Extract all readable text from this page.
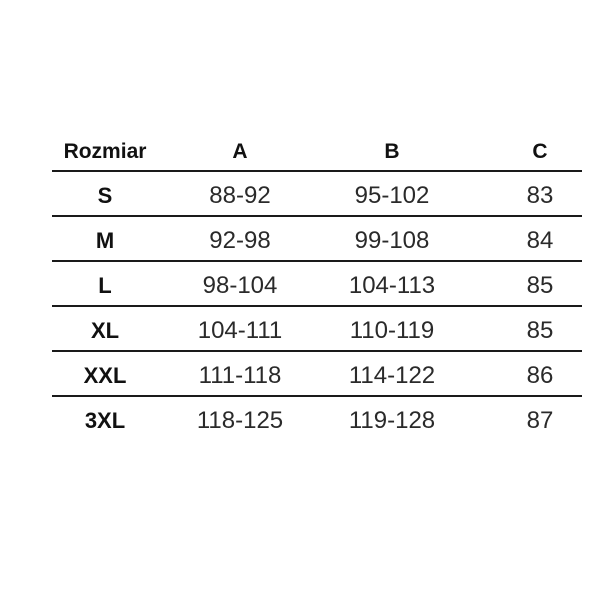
Rozmiar	A	B	C
S	88-92	95-102	83
M	92-98	99-108	84
L	98-104	104-113	85
XL	104-111	110-119	85
XXL	111-118	114-122	86
3XL	118-125	119-128	87
